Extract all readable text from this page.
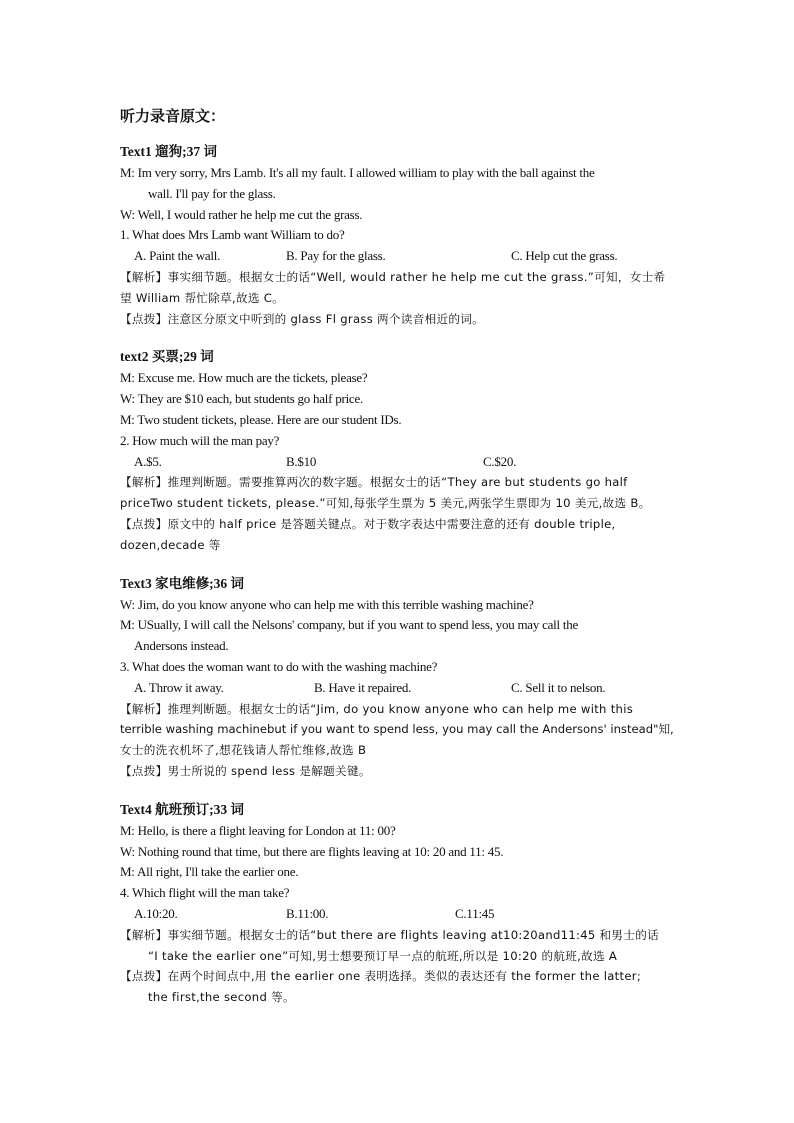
听力录音原文：
Text1 遛狗;37 词
M: Im very sorry, Mrs Lamb. It's all my fault. I allowed william to play with the ball against the
wall. I'll pay for the glass.
W: Well, I would rather he help me cut the grass.
1. What does Mrs Lamb want William to do?
A. Paint the wall.	B. Pay for the glass.	C. Help cut the grass.
【解析】事实细节题。根据女士的话“Well, would rather he help me cut the grass.”可知，女士希
望 William 帮忙除草,故选 C。
【点拨】注意区分原文中听到的 glass Fl grass 两个读音相近的词。
text2 买票;29 词
M: Excuse me. How much are the tickets, please?
W: They are $10 each, but students go half price.
M: Two student tickets, please. Here are our student IDs.
2. How much will the man pay?
A.$5.	B.$10	C.$20.
【解析】推理判断题。需要推算两次的数字题。根据女士的话“They are but students go half
priceTwo student tickets, please.”可知,每张学生票为 5 美元,两张学生票即为 10 美元,故选 B。
【点拨】原文中的 half price 是答题关键点。对于数字表达中需要注意的还有 double triple,
dozen,decade 等
Text3 家电维修;36 词
W: Jim, do you know anyone who can help me with this terrible washing machine?
M: USually, I will call the Nelsons' company, but if you want to spend less, you may call the
Andersons instead.
3. What does the woman want to do with the washing machine?
A. Throw it away.	B. Have it repaired.	C. Sell it to nelson.
【解析】推理判断题。根据女士的话“Jim, do you know anyone who can help me with this
terrible washing machinebut if you want to spend less, you may call the Andersons' instead"知,
女士的洗衣机坏了,想花钱请人帮忙维修,故选 B
【点拨】男士所说的 spend less 是解题关键。
Text4 航班预订;33 词
M: Hello, is there a flight leaving for London at 11: 00?
W: Nothing round that time, but there are flights leaving at 10: 20 and 11: 45.
M: All right, I'll take the earlier one.
4. Which flight will the man take?
A.10:20.	B.11:00.	C.11:45
【解析】事实细节题。根据女士的话“but there are flights leaving at10:20and11:45 和男士的话
“I take the earlier one”可知,男士想要预订早一点的航班,所以是 10:20 的航班,故选 A
【点拨】在两个时间点中,用 the earlier one 表明选择。类似的表达还有 the former the latter;
the first,the second 等。
